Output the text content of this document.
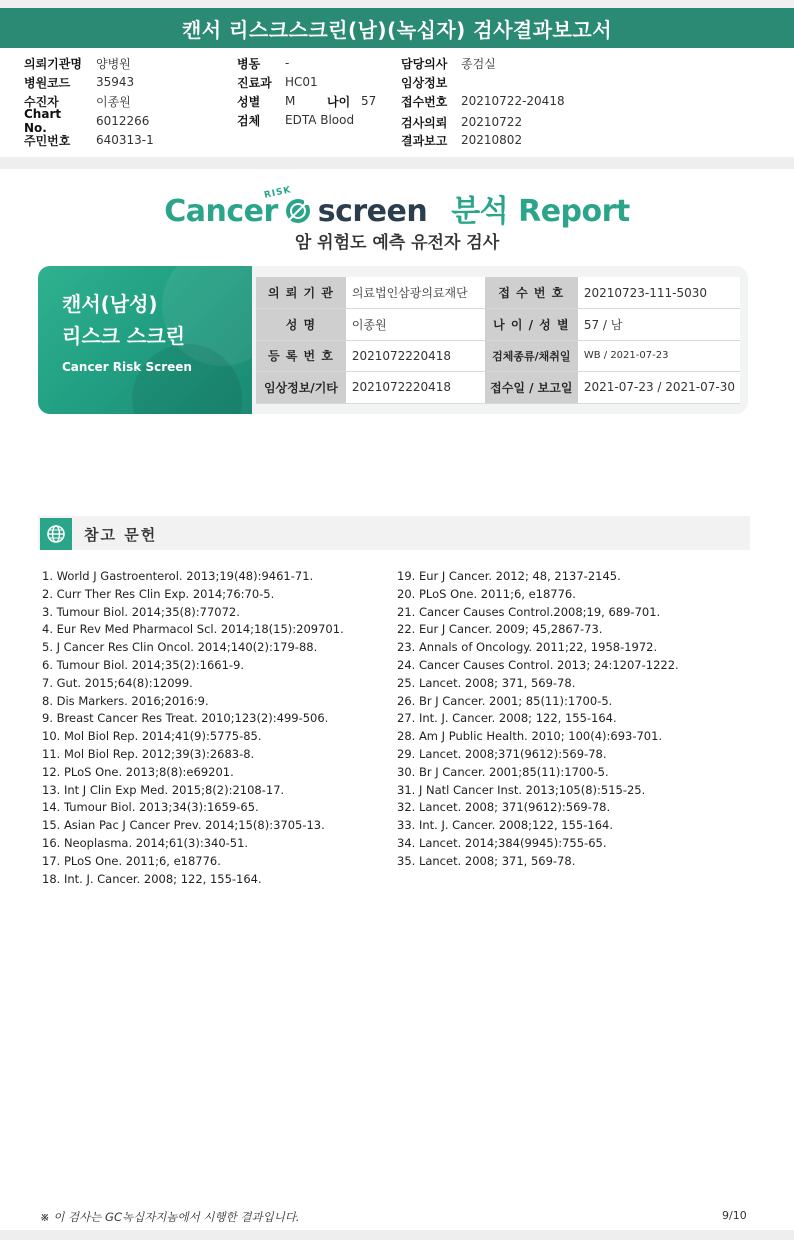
캔서 리스크스크린(남)(녹십자) 검사결과보고서
의뢰기관명	양병원
병원코드	35943
수진자	이종원
Chart No.	6012266
주민번호	640313-1
병동	-
진료과	HC01
성별	M	나이 57
검체	EDTA Blood
담당의사	종검실
임상정보
접수번호	20210722-20418
검사의뢰	20210722
결과보고	20210802
RISK
Cancer screen 분석 Report
암 위험도 예측 유전자 검사
캔서(남성)
리스크 스크린
Cancer Risk Screen
의 뢰 기 관	의료법인삼광의료재단	접 수 번 호	20210723-111-5030
성 명	이종원	나 이 / 성 별	57 / 남
등 록 번 호	2021072220418	검체종류/채취일	WB / 2021-07-23
임상정보/기타	2021072220418	접수일 / 보고일	2021-07-23 / 2021-07-30
참고 문헌
1. World J Gastroenterol. 2013;19(48):9461-71.
2. Curr Ther Res Clin Exp. 2014;76:70-5.
3. Tumour Biol. 2014;35(8):77072.
4. Eur Rev Med Pharmacol Scl. 2014;18(15):209701.
5. J Cancer Res Clin Oncol. 2014;140(2):179-88.
6. Tumour Biol. 2014;35(2):1661-9.
7. Gut. 2015;64(8):12099.
8. Dis Markers. 2016;2016:9.
9. Breast Cancer Res Treat. 2010;123(2):499-506.
10. Mol Biol Rep. 2014;41(9):5775-85.
11. Mol Biol Rep. 2012;39(3):2683-8.
12. PLoS One. 2013;8(8):e69201.
13. Int J Clin Exp Med. 2015;8(2):2108-17.
14. Tumour Biol. 2013;34(3):1659-65.
15. Asian Pac J Cancer Prev. 2014;15(8):3705-13.
16. Neoplasma. 2014;61(3):340-51.
17. PLoS One. 2011;6, e18776.
18. Int. J. Cancer. 2008; 122, 155-164.
19. Eur J Cancer. 2012; 48, 2137-2145.
20. PLoS One. 2011;6, e18776.
21. Cancer Causes Control.2008;19, 689-701.
22. Eur J Cancer. 2009; 45,2867-73.
23. Annals of Oncology. 2011;22, 1958-1972.
24. Cancer Causes Control. 2013; 24:1207-1222.
25. Lancet. 2008; 371, 569-78.
26. Br J Cancer. 2001; 85(11):1700-5.
27. Int. J. Cancer. 2008; 122, 155-164.
28. Am J Public Health. 2010; 100(4):693-701.
29. Lancet. 2008;371(9612):569-78.
30. Br J Cancer. 2001;85(11):1700-5.
31. J Natl Cancer Inst. 2013;105(8):515-25.
32. Lancet. 2008; 371(9612):569-78.
33. Int. J. Cancer. 2008;122, 155-164.
34. Lancet. 2014;384(9945):755-65.
35. Lancet. 2008; 371, 569-78.
※ 이 검사는 GC녹십자지놈에서 시행한 결과입니다.	9/10
